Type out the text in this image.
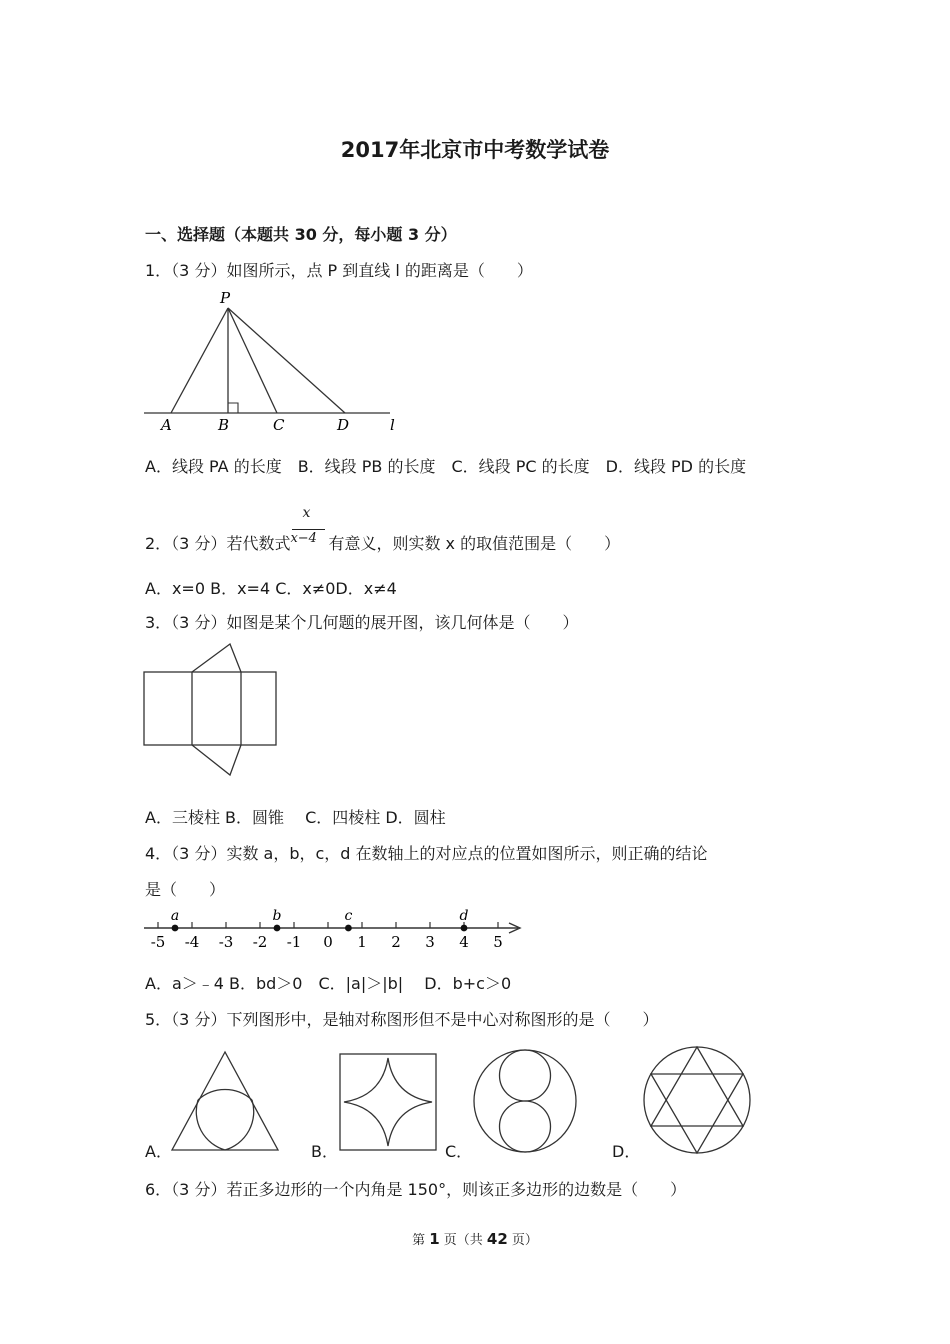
2017年北京市中考数学试卷
一、选择题（本题共 30 分，每小题 3 分）
1．（3 分）如图所示，点 P 到直线 l 的距离是（　　）
P
A	B	C	D	l
A．线段 PA 的长度　B．线段 PB 的长度　C．线段 PC 的长度　D．线段 PD 的长度
2．（3 分）若代数式 $\frac{x}{x-4}$ 有意义，则实数 x 的取值范围是（　　）
A．x=0 B．x=4 C．x≠0D．x≠4
3．（3 分）如图是某个几何题的展开图，该几何体是（　　）
A．三棱柱 B．圆锥　 C．四棱柱 D．圆柱
4．（3 分）实数 a，b，c，d 在数轴上的对应点的位置如图所示，则正确的结论
是（　　）
-5 -4 -3 -2 -1 0 1 2 3 4 5
a	b	c	d
A．a＞﹣4 B．bd＞0　C．|a|＞|b|　 D．b+c＞0
5．（3 分）下列图形中，是轴对称图形但不是中心对称图形的是（　　）
A．	B．	C．	D．
6．（3 分）若正多边形的一个内角是 150°，则该正多边形的边数是（　　）
第 1 页（共 42 页）
